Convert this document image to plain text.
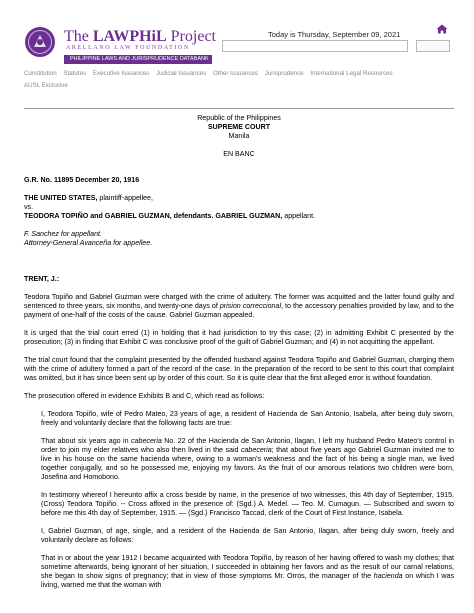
The LAWPHiL Project
ARELLANO LAW FOUNDATION
PHILIPPINE LAWS AND JURISPRUDENCE DATABANK
Today is Thursday, September 09, 2021
Constitution Statutes Executive Issuances Judicial Issuances Other Issuances Jurisprudence International Legal Resources
AUSL Exclusive
Republic of the Philippines
SUPREME COURT
Manila
EN BANC
G.R. No. 11895 December 20, 1916
THE UNITED STATES, plaintiff-appellee,
vs.
TEODORA TOPIÑO and GABRIEL GUZMAN, defendants. GABRIEL GUZMAN, appellant.
F. Sanchez for appellant.
Attorney-General Avanceña for appellee.
TRENT, J.:

Teodora Topiño and Gabriel Guzman were charged with the crime of adultery. The former was acquitted and the latter found guilty and sentenced to three years, six months, and twenty-one days of prision correccional, to the accessory penalties provided by law, and to the payment of one-half of the costs of the cause. Gabriel Guzman appealed.

It is urged that the trial court erred (1) in holding that it had jurisdiction to try this case; (2) in admitting Exhibit C presented by the prosecution; (3) in finding that Exhibit C was conclusive proof of the guilt of Gabriel Guzman; and (4) in not acquitting the appellant.

The trial court found that the complaint presented by the offended husband against Teodora Topiño and Gabriel Guzman, charging them with the crime of adultery formed a part of the record of the case. In the preparation of the record to be sent to this court that complaint was omitted, but it has since been sent up by order of this court. So it is quite clear that the first alleged error is without foundation.

The prosecution offered in evidence Exhibits B and C, which read as follows:

I, Teodora Topiño, wife of Pedro Mateo, 23 years of age, a resident of Hacienda de San Antonio, Isabela, after being duly sworn, freely and voluntarily declare that the following facts are true:

That about six years ago in cabeceria No. 22 of the Hacienda de San Antonio, Ilagan, I left my husband Pedro Mateo's control in order to join my elder relatives who also then lived in the said cabeceria; that about five years ago Gabriel Guzman invited me to live in his house on the same hacienda where, owing to a woman's weakness and the fact of his being a single man, we lived together conjugally, and so he possessed me, enjoying my favors. As the fruit of our amorous relations two children were born, Josefina and Homobono.

In testimony whereof I hereunto affix a cross beside by name, in the presence of two witnesses, this 4th day of September, 1915. (Cross) Teodora Topiño. -- Cross affixed in the presence of: (Sgd.) A. Medel. — Teo. M. Cumagun. — Subscribed and sworn to before me this 4th day of September, 1915. — (Sgd.) Francisco Taccad, clerk of the Court of First Instance, Isabela.

I, Gabriel Guzman, of age, single, and a resident of the Hacienda de San Antonio, Ilagan, after being duly sworn, freely and voluntarily declare as follows:

That in or about the year 1912 I became acquainted with Teodora Topiño, by reason of her having offered to wash my clothes; that sometime afterwards, being ignorant of her situation, I succeeded in obtaining her favors and as the result of our carnal relations, she began to show signs of pregnancy; that in view of those symptoms Mr. Orros, the manager of the hacienda on which I was living, warned me that the woman with
